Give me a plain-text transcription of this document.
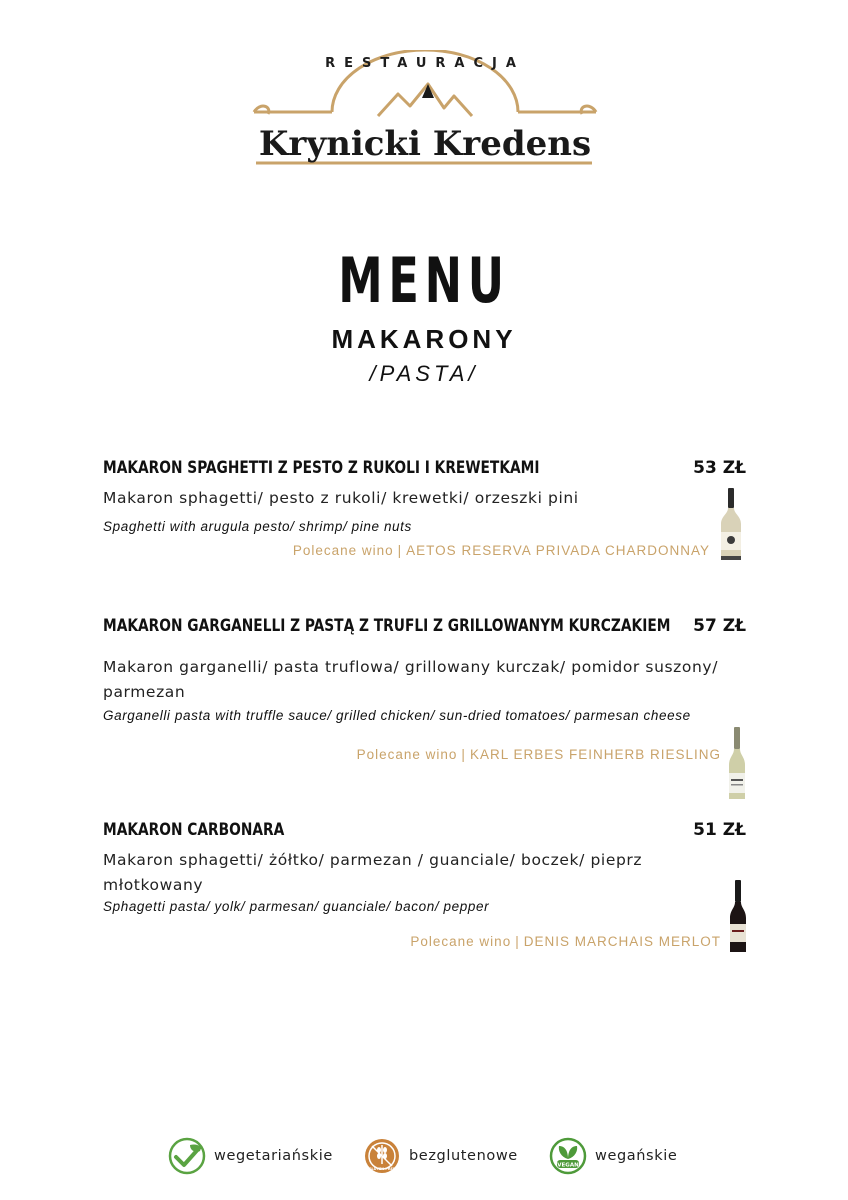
RESTAURACJA
Krynicki Kredens
MENU
MAKARONY
/PASTA/
MAKARON SPAGHETTI Z PESTO Z RUKOLI I KREWETKAMI	53 ZŁ
Makaron sphagetti/ pesto z rukoli/ krewetki/ orzeszki pini
Spaghetti with arugula pesto/ shrimp/ pine nuts
Polecane wino | AETOS RESERVA PRIVADA CHARDONNAY
MAKARON GARGANELLI Z PASTĄ Z TRUFLI Z GRILLOWANYM KURCZAKIEM 57 ZŁ
Makaron garganelli/ pasta truflowa/ grillowany kurczak/ pomidor suszony/ parmezan
Garganelli pasta with truffle sauce/ grilled chicken/ sun-dried tomatoes/ parmesan cheese
Polecane wino | KARL ERBES FEINHERB RIESLING
MAKARON CARBONARA	51 ZŁ
Makaron sphagetti/ żółtko/ parmezan / guanciale/ boczek/ pieprz młotkowany
Sphagetti pasta/ yolk/ parmesan/ guanciale/ bacon/ pepper
Polecane wino | DENIS MARCHAIS MERLOT
wegetariańskie
GLUTEN FREE
bezglutenowe
VEGAN
wegańskie
